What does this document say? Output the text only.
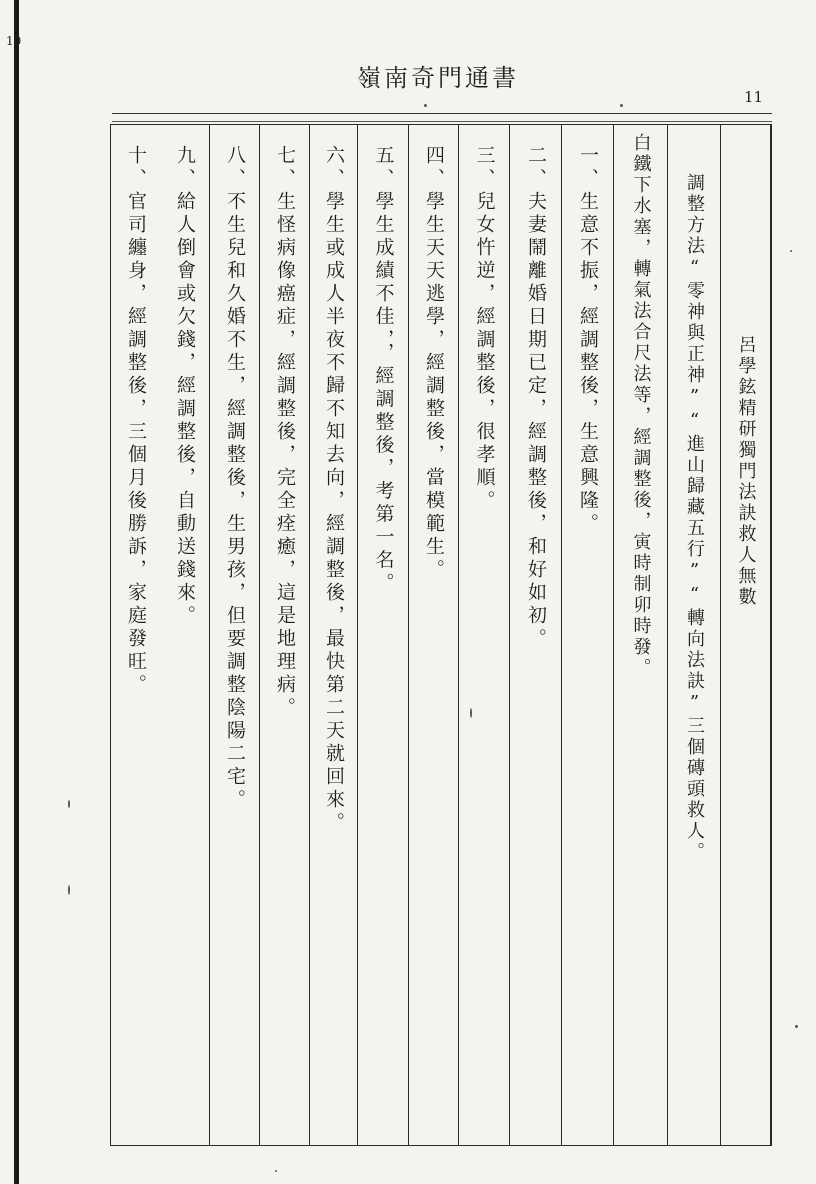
10
嶺南奇門通書
11
呂學鉉精研獨門法訣救人無數
調整方法“零神與正神”“進山歸藏五行”“轉向法訣”三個磚頭救人。
白鐵下水塞，轉氣法合尺法等，經調整後，寅時制卯時發。
一、生意不振，經調整後，生意興隆。
二、夫妻鬧離婚日期已定，經調整後，和好如初。
三、兒女忤逆，經調整後，很孝順。
四、學生天天逃學，經調整後，當模範生。
五、學生成績不佳，，經調整後，考第一名。
六、學生或成人半夜不歸不知去向，經調整後，最快第二天就回來。
七、生怪病像癌症，經調整後，完全痊癒，這是地理病。
八、不生兒和久婚不生，經調整後，生男孩，但要調整陰陽二宅。
九、給人倒會或欠錢，經調整後，自動送錢來。
十、官司纏身，經調整後，三個月後勝訴，家庭發旺。
